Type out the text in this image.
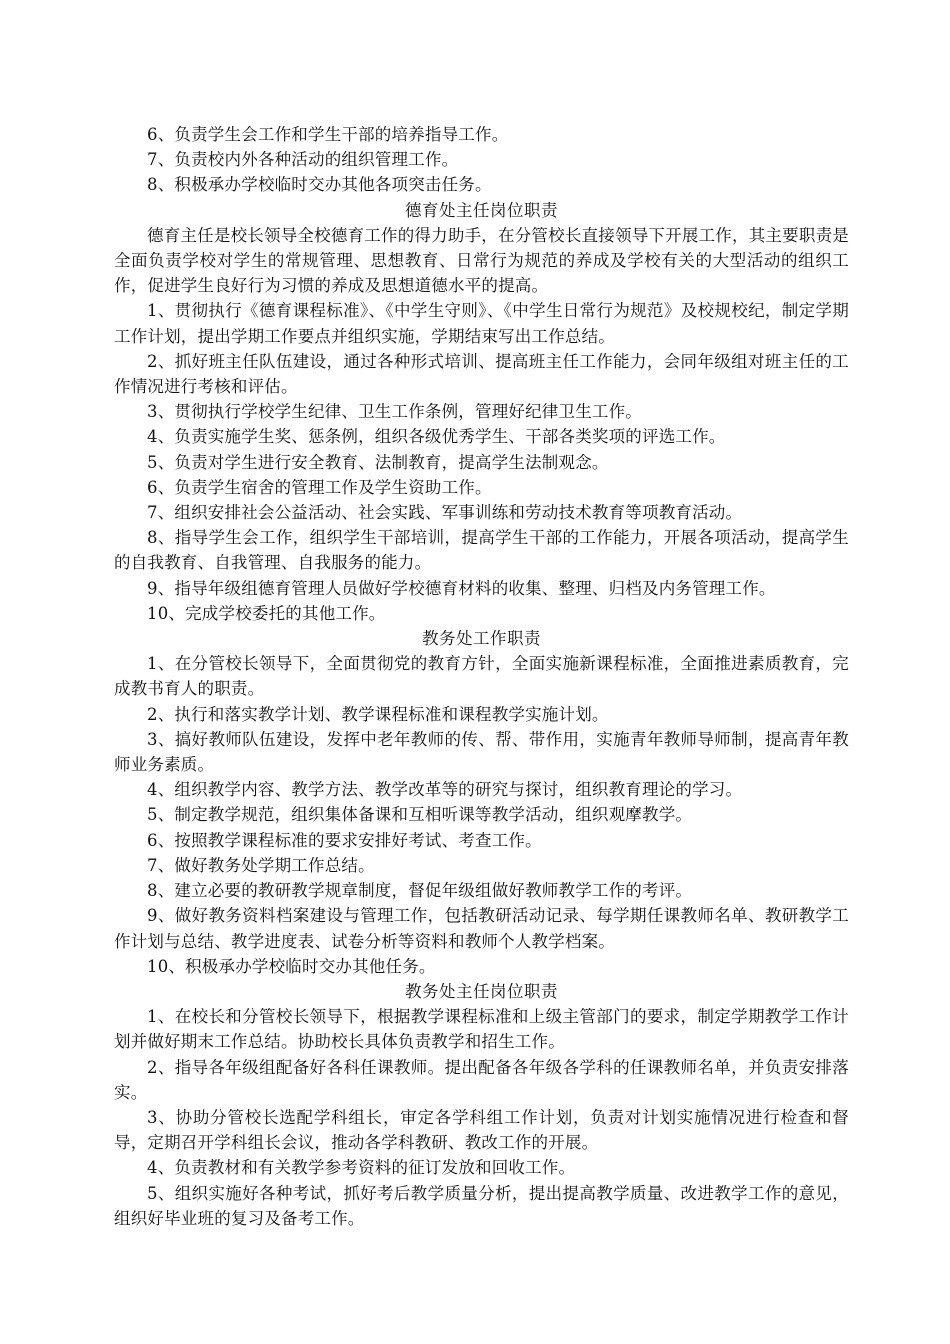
6、负责学生会工作和学生干部的培养指导工作。

7、负责校内外各种活动的组织管理工作。

8、积极承办学校临时交办其他各项突击任务。

德育处主任岗位职责

德育主任是校长领导全校德育工作的得力助手，在分管校长直接领导下开展工作，其主要职责是全面负责学校对学生的常规管理、思想教育、日常行为规范的养成及学校有关的大型活动的组织工作，促进学生良好行为习惯的养成及思想道德水平的提高。

1、贯彻执行《德育课程标准》、《中学生守则》、《中学生日常行为规范》及校规校纪，制定学期工作计划，提出学期工作要点并组织实施，学期结束写出工作总结。

2、抓好班主任队伍建设，通过各种形式培训、提高班主任工作能力，会同年级组对班主任的工作情况进行考核和评估。

3、贯彻执行学校学生纪律、卫生工作条例，管理好纪律卫生工作。

4、负责实施学生奖、惩条例，组织各级优秀学生、干部各类奖项的评选工作。

5、负责对学生进行安全教育、法制教育，提高学生法制观念。

6、负责学生宿舍的管理工作及学生资助工作。

7、组织安排社会公益活动、社会实践、军事训练和劳动技术教育等项教育活动。

8、指导学生会工作，组织学生干部培训，提高学生干部的工作能力，开展各项活动，提高学生的自我教育、自我管理、自我服务的能力。

9、指导年级组德育管理人员做好学校德育材料的收集、整理、归档及内务管理工作。

10、完成学校委托的其他工作。

教务处工作职责

1、在分管校长领导下，全面贯彻党的教育方针，全面实施新课程标准，全面推进素质教育，完成教书育人的职责。

2、执行和落实教学计划、教学课程标准和课程教学实施计划。

3、搞好教师队伍建设，发挥中老年教师的传、帮、带作用，实施青年教师导师制，提高青年教师业务素质。

4、组织教学内容、教学方法、教学改革等的研究与探讨，组织教育理论的学习。

5、制定教学规范，组织集体备课和互相听课等教学活动，组织观摩教学。

6、按照教学课程标准的要求安排好考试、考查工作。

7、做好教务处学期工作总结。

8、建立必要的教研教学规章制度，督促年级组做好教师教学工作的考评。

9、做好教务资料档案建设与管理工作，包括教研活动记录、每学期任课教师名单、教研教学工作计划与总结、教学进度表、试卷分析等资料和教师个人教学档案。

10、积极承办学校临时交办其他任务。

教务处主任岗位职责

1、在校长和分管校长领导下，根据教学课程标准和上级主管部门的要求，制定学期教学工作计划并做好期末工作总结。协助校长具体负责教学和招生工作。

2、指导各年级组配备好各科任课教师。提出配备各年级各学科的任课教师名单，并负责安排落实。

3、协助分管校长选配学科组长，审定各学科组工作计划，负责对计划实施情况进行检查和督导，定期召开学科组长会议，推动各学科教研、教改工作的开展。

4、负责教材和有关教学参考资料的征订发放和回收工作。

5、组织实施好各种考试，抓好考后教学质量分析，提出提高教学质量、改进教学工作的意见，组织好毕业班的复习及备考工作。
